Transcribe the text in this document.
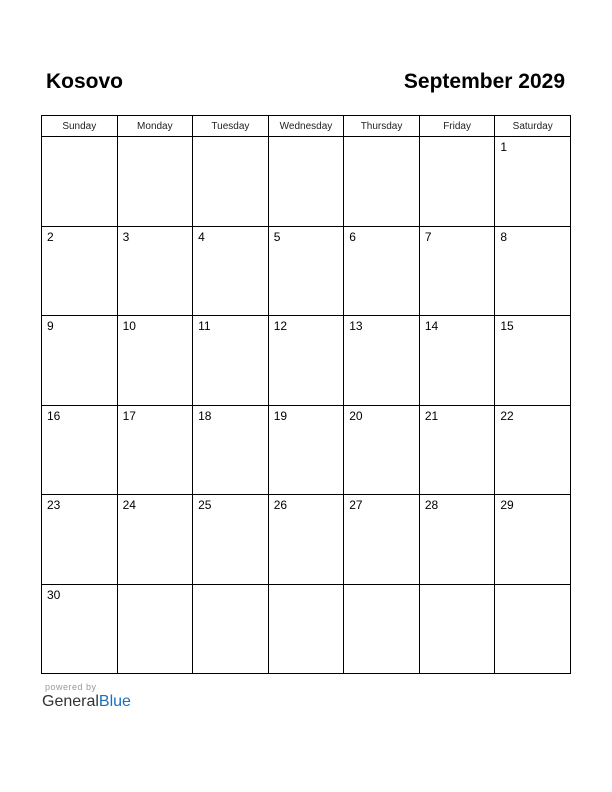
Kosovo	September 2029
Sunday	Monday	Tuesday	Wednesday	Thursday	Friday	Saturday

						1

2	3	4	5	6	7	8

9	10	11	12	13	14	15

16	17	18	19	20	21	22

23	24	25	26	27	28	29

30						

powered by
GeneralBlue
